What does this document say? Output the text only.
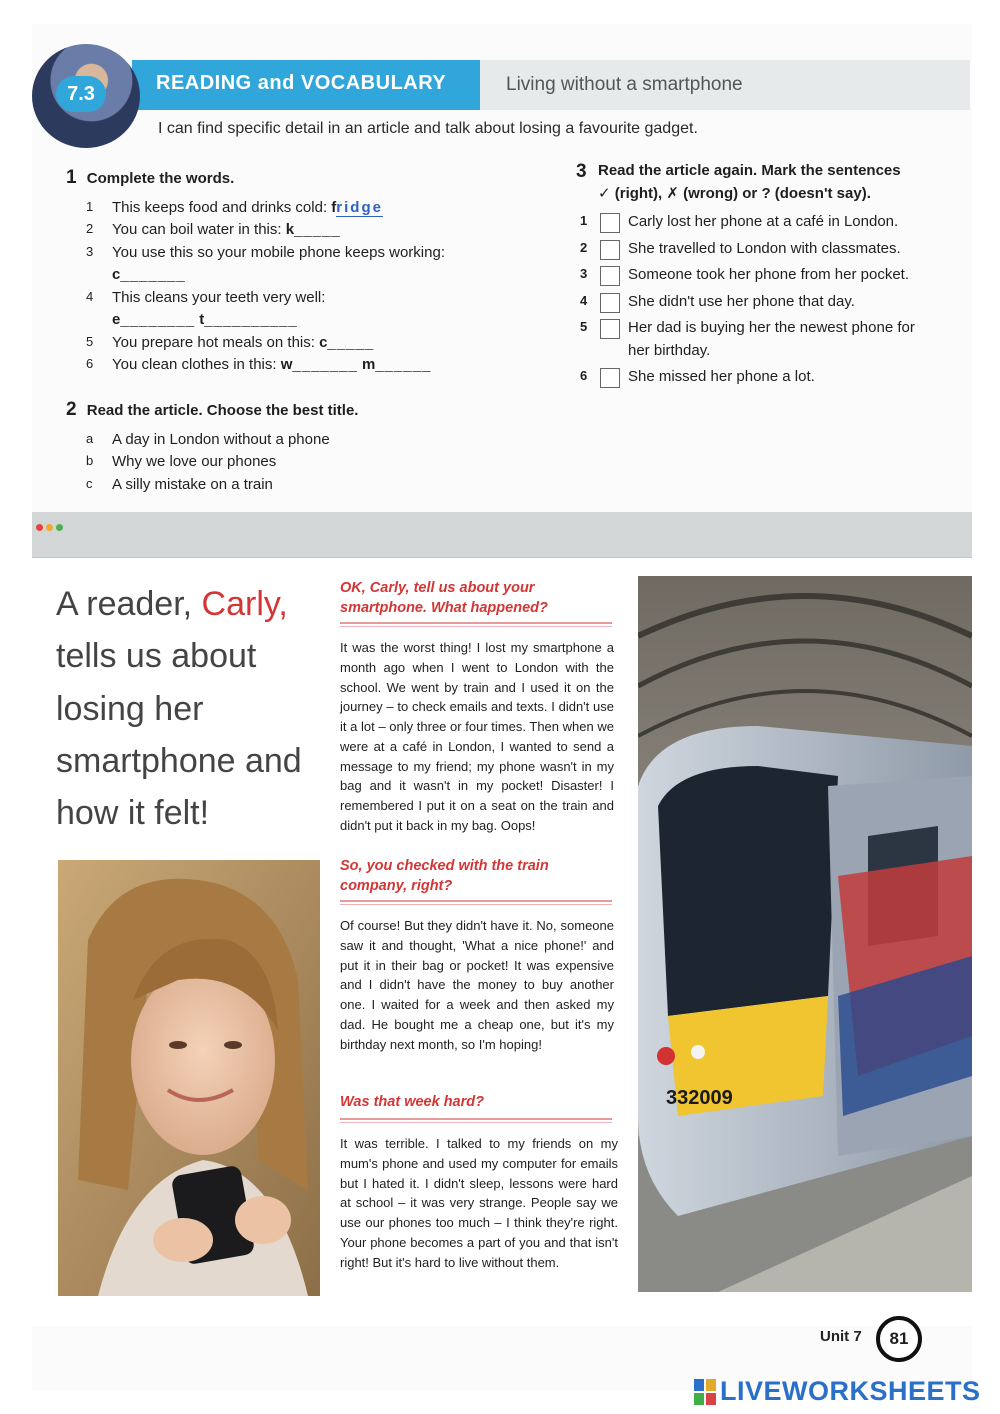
READING and VOCABULARY	Living without a smartphone
7.3
I can find specific detail in an article and talk about losing a favourite gadget.
1 Complete the words.
1	This keeps food and drinks cold: fridge
2	You can boil water in this: k_____
3	You use this so your mobile phone keeps working: c_______
4	This cleans your teeth very well:
e________ t__________
5	You prepare hot meals on this: c_____
6	You clean clothes in this: w_______ m______
2 Read the article. Choose the best title.
a	A day in London without a phone
b	Why we love our phones
c	A silly mistake on a train
3 Read the article again. Mark the sentences ✓ (right), ✗ (wrong) or ? (doesn't say).
1	Carly lost her phone at a café in London.
2	She travelled to London with classmates.
3	Someone took her phone from her pocket.
4	She didn't use her phone that day.
5	Her dad is buying her the newest phone for her birthday.
6	She missed her phone a lot.
A reader, Carly, tells us about losing her smartphone and how it felt!
OK, Carly, tell us about your smartphone. What happened?
It was the worst thing! I lost my smartphone a month ago when I went to London with the school. We went by train and I used it on the journey – to check emails and texts. I didn't use it a lot – only three or four times. Then when we were at a café in London, I wanted to send a message to my friend; my phone wasn't in my bag and it wasn't in my pocket! Disaster! I remembered I put it on a seat on the train and didn't put it back in my bag. Oops!
So, you checked with the train company, right?
Of course! But they didn't have it. No, someone saw it and thought, 'What a nice phone!' and put it in their bag or pocket! It was expensive and I didn't have the money to buy another one. I waited for a week and then asked my dad. He bought me a cheap one, but it's my birthday next month, so I'm hoping!
Was that week hard?
It was terrible. I talked to my friends on my mum's phone and used my computer for emails but I hated it. I didn't sleep, lessons were hard at school – it was very strange. People say we use our phones too much – I think they're right. Your phone becomes a part of you and that isn't right! But it's hard to live without them.
332009
Unit 7	81
LIVEWORKSHEETS
